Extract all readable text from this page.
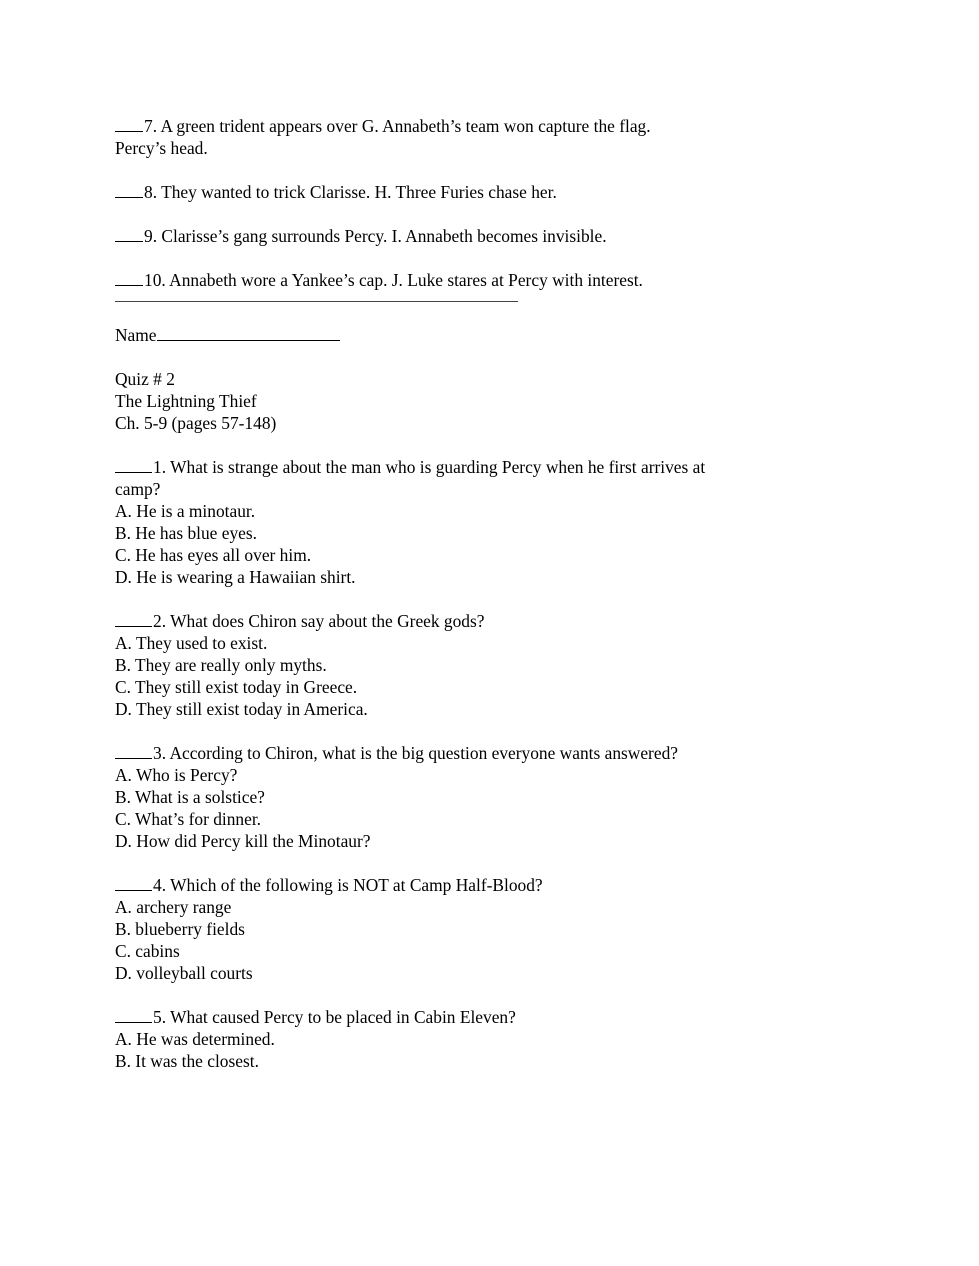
7. A green trident appears over G. Annabeth’s team won capture the flag.

Percy’s head.

8. They wanted to trick Clarisse. H. Three Furies chase her.

9. Clarisse’s gang surrounds Percy. I. Annabeth becomes invisible.

10. Annabeth wore a Yankee’s cap. J. Luke stares at Percy with interest.

Name

Quiz # 2

The Lightning Thief

Ch. 5-9 (pages 57-148)

1. What is strange about the man who is guarding Percy when he first arrives at

camp?

A. He is a minotaur.

B. He has blue eyes.

C. He has eyes all over him.

D. He is wearing a Hawaiian shirt.

2. What does Chiron say about the Greek gods?

A. They used to exist.

B. They are really only myths.

C. They still exist today in Greece.

D. They still exist today in America.

3. According to Chiron, what is the big question everyone wants answered?

A. Who is Percy?

B. What is a solstice?

C. What’s for dinner.

D. How did Percy kill the Minotaur?

4. Which of the following is NOT at Camp Half-Blood?

A. archery range

B. blueberry fields

C. cabins

D. volleyball courts

5. What caused Percy to be placed in Cabin Eleven?

A. He was determined.

B. It was the closest.
